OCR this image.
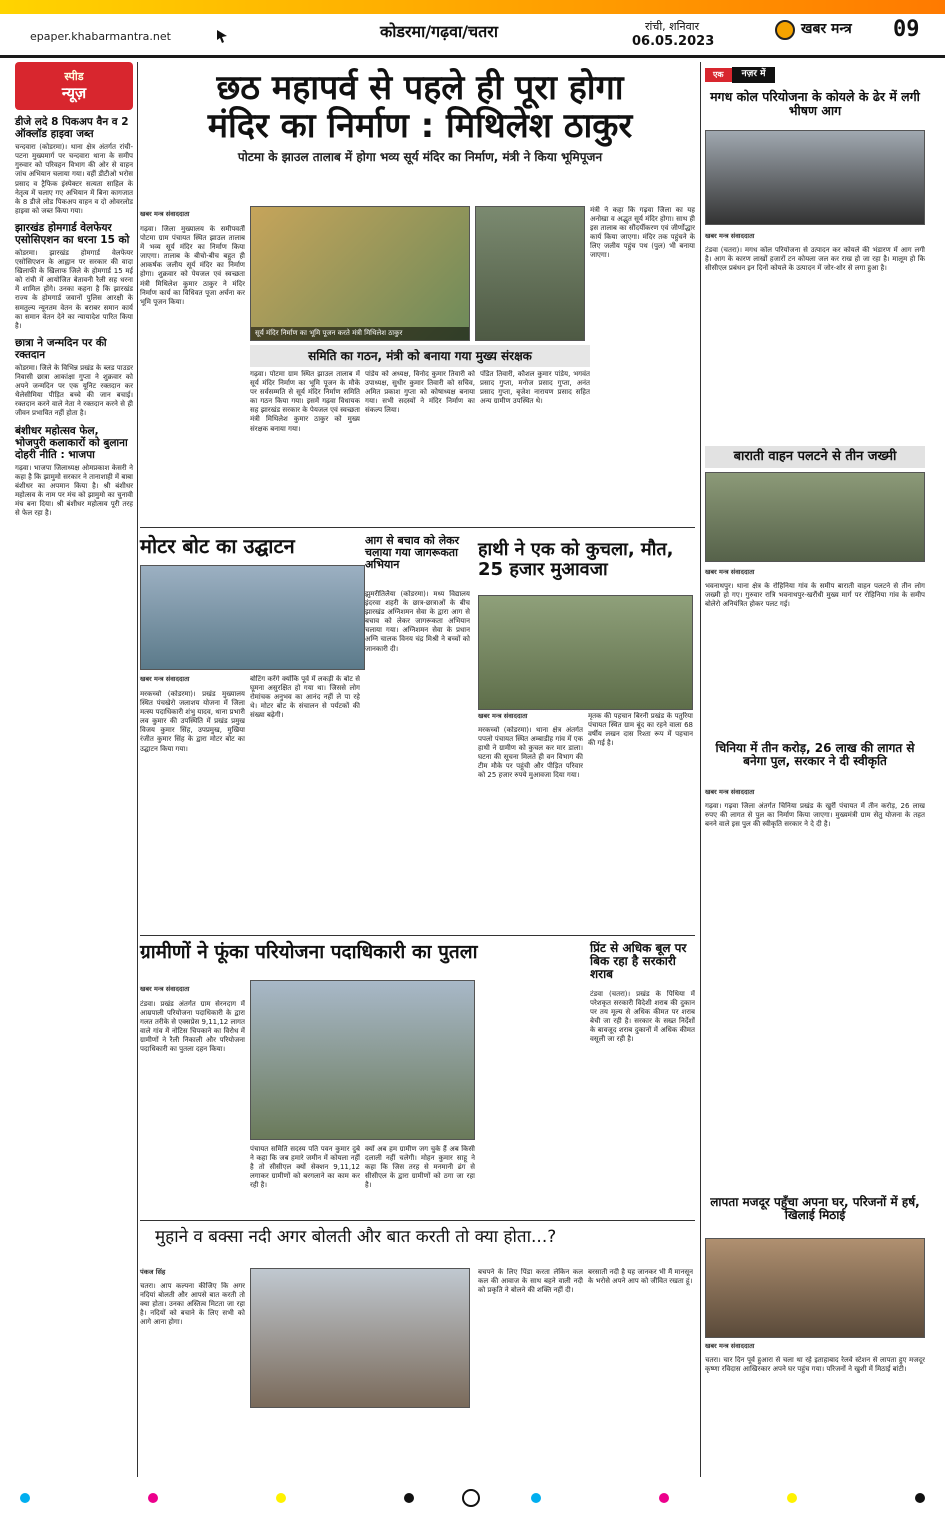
epaper.khabarmantra.net	कोडरमा/गढ़वा/चतरा	रांची, शनिवार
06.05.2023
खबर मन्त्र 09
स्पीड
न्यूज़
डीजे लदे 8 पिकअप वैन व 2 ऑक्लॉड हाइवा जब्त
चन्दवारा (कोडरमा)। थाना क्षेत्र अंतर्गत रांची-पटना मुख्यमार्ग पर चन्दवारा थाना के समीप गुरुवार को परिवहन विभाग की ओर से वाहन जांच अभियान चलाया गया। वहीं डीटीओ भरोस प्रसाद व ट्रैफिक इंस्पेक्टर सत्यता साहिल के नेतृत्व में चलाए गए अभियान में बिना कागजात के 8 डीजे लोड पिकअप वाहन व दो ओवरलोड हाइवा को जब्त किया गया।
झारखंड होमगार्ड वेलफेयर एसोसिएशन का धरना 15 को
कोडरमा। झारखंड होमगार्ड वेलफेयर एसोसिएशन के आह्वान पर सरकार की वादा खिलाफी के खिलाफ जिले के होमगार्ड 15 मई को रांची में आयोजित बेतावनी रैली सह धरना में शामिल होंगे। उनका कहना है कि झारखंड राज्य के होमगार्ड जवानों पुलिस आरक्षी के समतुल्य न्यूनतम वेतन के बराबर समान कार्य का समान वेतन देने का न्यायादेश पारित किया है।
छात्रा ने जन्मदिन पर की रक्तदान
कोडरमा। जिले के विभिन्न प्रखंड के ब्लड पाउडर निवासी छात्रा आकांक्षा गुप्ता ने शुक्रवार को अपने जन्मदिन पर एक यूनिट रक्तदान कर थैलेसीमिया पीड़ित बच्चे की जान बचाई। रक्तदान करने वाले नेता ने रक्तदान करने से ही जीवन प्रभावित नहीं होता है।
बंशीधर महोत्सव फेल, भोजपुरी कलाकारों को बुलाना दोहरी नीति : भाजपा
गढ़वा। भाजपा जिलाध्यक्ष ओमप्रकाश केसरी ने कहा है कि झामुमो सरकार ने तानाशाही में बाबा बंशीधर का अपमान किया है। श्री बंशीधर महोत्सव के नाम पर मंच को झामुमो का चुनावी मंच बना दिया। श्री बंशीधर महोत्सव पूरी तरह से फेल रहा है।
छठ महापर्व से पहले ही पूरा होगा
मंदिर का निर्माण : मिथिलेश ठाकुर
पोटमा के झाउल तालाब में होगा भव्य सूर्य मंदिर का निर्माण, मंत्री ने किया भूमिपूजन
खबर मन्त्र संवाददाता
गढ़वा। जिला मुख्यालय के समीपवर्ती पोटमा ग्राम पंचायत स्थित झाउल तालाब में भव्य सूर्य मंदिर का निर्माण किया जाएगा। तालाब के बीचो-बीच बहुत ही आकर्षक जलीय सूर्य मंदिर का निर्माण होगा। शुक्रवार को पेयजल एवं स्वच्छता मंत्री मिथिलेश कुमार ठाकुर ने मंदिर निर्माण कार्य का विधिवत पूजा अर्चना कर भूमि पूजन किया।
सूर्य मंदिर निर्माण का भूमि पूजन करते मंत्री मिथिलेश ठाकुर
मंत्री ने कहा कि गढ़वा जिला का यह अनोखा व अद्भुत सूर्य मंदिर होगा। साथ ही इस तालाब का सौंदर्यीकरण एवं जीर्णोद्धार कार्य किया जाएगा। मंदिर तक पहुंचने के लिए जलीय पहुंच पथ (पुल) भी बनाया जाएगा।
समिति का गठन, मंत्री को बनाया गया मुख्य संरक्षक
गढ़वा। पोटमा ग्राम स्थित झाउल तालाब में सूर्य मंदिर निर्माण का भूमि पूजन के मौके पर सर्वसम्मति से सूर्य मंदिर निर्माण समिति का गठन किया गया। इसमें गढ़वा विधायक सह झारखंड सरकार के पेयजल एवं स्वच्छता मंत्री मिथिलेश कुमार ठाकुर को मुख्य संरक्षक बनाया गया।
पांडेय को अध्यक्ष, विनोद कुमार तिवारी को उपाध्यक्ष, सुधीर कुमार तिवारी को सचिव, अमित प्रकाश गुप्ता को कोषाध्यक्ष बनाया गया। सभी सदस्यों ने मंदिर निर्माण का संकल्प लिया।
पंडित तिवारी, कौशल कुमार पांडेय, भगवंत प्रसाद गुप्ता, मनोज प्रसाद गुप्ता, अनंत प्रसाद गुप्ता, बृजेश नारायण प्रसाद सहित अन्य ग्रामीण उपस्थित थे।
मोटर बोट का उद्घाटन
खबर मन्त्र संवाददाता
मरकच्चो (कोडरमा)। प्रखंड मुख्यालय स्थित पंचखेरो जलाशय योजना में जिला मत्स्य पदाधिकारी शंभु यादव, थाना प्रभारी लव कुमार की उपस्थिति में प्रखंड प्रमुख विजय कुमार सिंह, उपप्रमुख, मुखिया रंजीत कुमार सिंह के द्वारा मोटर बोट का उद्घाटन किया गया।
बोटिंग करेंगे क्योंकि पूर्व में लकड़ी के बोट से घूमना असुरक्षित हो गया था। जिससे लोग रोमांचक अनुभव का आनंद नहीं ले पा रहे थे। मोटर बोट के संचालन से पर्यटकों की संख्या बढ़ेगी।
आग से बचाव को लेकर चलाया गया जागरूकता अभियान
झुमरीतिलैया (कोडरमा)। मध्य विद्यालय इंदरवा शहरी के छात्र-छात्राओं के बीच झारखंड अग्निशमन सेवा के द्वारा आग से बचाव को लेकर जागरूकता अभियान चलाया गया। अग्निशमन सेवा के प्रधान अग्नि चालक विनय चंद्र मिश्री ने बच्चों को जानकारी दी।
हाथी ने एक को कुचला, मौत, 25 हजार मुआवजा
खबर मन्त्र संवाददाता
मरकच्चो (कोडरमा)। थाना क्षेत्र अंतर्गत पपलो पंचायत स्थित अम्बाडीह गांव में एक हाथी ने ग्रामीण को कुचल कर मार डाला। घटना की सूचना मिलते ही वन विभाग की टीम मौके पर पहुंची और पीड़ित परिवार को 25 हजार रुपये मुआवजा दिया गया।
मृतक की पहचान बिरनी प्रखंड के पतुरिया पंचायत स्थित ग्राम बूंद का रहने वाला 68 वर्षीय लखन दास रिश्ता रूप में पहचान की गई है।
ग्रामीणों ने फूंका परियोजना पदाधिकारी का पुतला
खबर मन्त्र संवाददाता
टंडवा। प्रखंड अंतर्गत ग्राम सेरनदाग में आम्रपाली परियोजना पदाधिकारी के द्वारा गलत तरीके से एक्सप्रेस 9,11,12 लागत वाले गांव में नोटिस चिपकाने का विरोध में ग्रामीणों ने रैली निकाली और परियोजना पदाधिकारी का पुतला दहन किया।
पंचायत समिति सदस्य पति पवन कुमार दुबे ने कहा कि जब हमारे जमीन में कोयला नहीं है तो सीसीएल क्यों सेक्शन 9,11,12 लगाकर ग्रामीणों को बरगलाने का काम कर रही है।
क्यों अब हम ग्रामीण जग चुके हैं अब किसी दलाली नहीं चलेगी। मोहन कुमार साहू ने कहा कि जिस तरह से मनमानी ढंग से सीसीएल के द्वारा ग्रामीणों को ठगा जा रहा है।
प्रिंट से अधिक बूल पर बिक रहा है सरकारी शराब
टंडवा (चतरा)। प्रखंड के पिथिया में परेशकृत सरकारी विदेशी शराब की दुकान पर तय मूल्य से अधिक कीमत पर शराब बेची जा रही है। सरकार के सख्त निर्देशों के बावजूद शराब दुकानों में अधिक कीमत वसूली जा रही है।
मुहाने व बक्सा नदी अगर बोलती और बात करती तो क्या होता...?
पंकज सिंह
चतरा। आप कल्पना कीजिए कि अगर नदियां बोलती और आपसे बात करती तो क्या होता। उनका अस्तित्व मिटता जा रहा है। नदियों को बचाने के लिए सभी को आगे आना होगा।
बचपने के लिए पिंडा करता लेकिन कल कल की आवाज के साथ बहने वाली नदी को प्रकृति ने बोलने की शक्ति नहीं दी।
बरसाती नदी है यह जानकर भी मैं मानसून के भरोसे अपने आप को जीवित रखता हूं।
एक	नज़र में
मगध कोल परियोजना के कोयले के ढेर में लगी भीषण आग
खबर मन्त्र संवाददाता
टंडवा (चतरा)। मगध कोल परियोजना से उत्पादन कर कोयले की भंडारण में आग लगी है। आग के कारण लाखों हजारों टन कोयला जल कर राख हो जा रहा है। मालूम हो कि सीसीएल प्रबंधन इन दिनों कोयले के उत्पादन में जोर-शोर से लगा हुआ है।
बाराती वाहन पलटने से तीन जख्मी
खबर मन्त्र संवाददाता
भवनाथपुर। थाना क्षेत्र के रोहिनिया गांव के समीप बाराती वाहन पलटने से तीन लोग जख्मी हो गए। गुरुवार रात्रि भवनाथपुर-खरौंधी मुख्य मार्ग पर रोहिनिया गांव के समीप बोलेरो अनियंत्रित होकर पलट गई।
चिनिया में तीन करोड़, 26 लाख की लागत से बनेगा पुल, सरकार ने दी स्वीकृति
खबर मन्त्र संवाददाता
गढ़वा। गढ़वा जिला अंतर्गत चिनिया प्रखंड के खुर्री पंचायत में तीन करोड़, 26 लाख रुपए की लागत से पुल का निर्माण किया जाएगा। मुख्यमंत्री ग्राम सेतु योजना के तहत बनने वाले इस पुल की स्वीकृति सरकार ने दे दी है।
लापता मजदूर पहुँचा अपना घर, परिजनों में हर्ष, खिलाई मिठाई
खबर मन्त्र संवाददाता
चतरा। चार दिन पूर्व हुआरा से चला था रहे इताहाबाद रेलवे स्टेशन से लापता हुए मजदूर कृष्णा रविदास आखिरकार अपने घर पहुंच गया। परिजनों ने खुशी में मिठाई बांटी।
